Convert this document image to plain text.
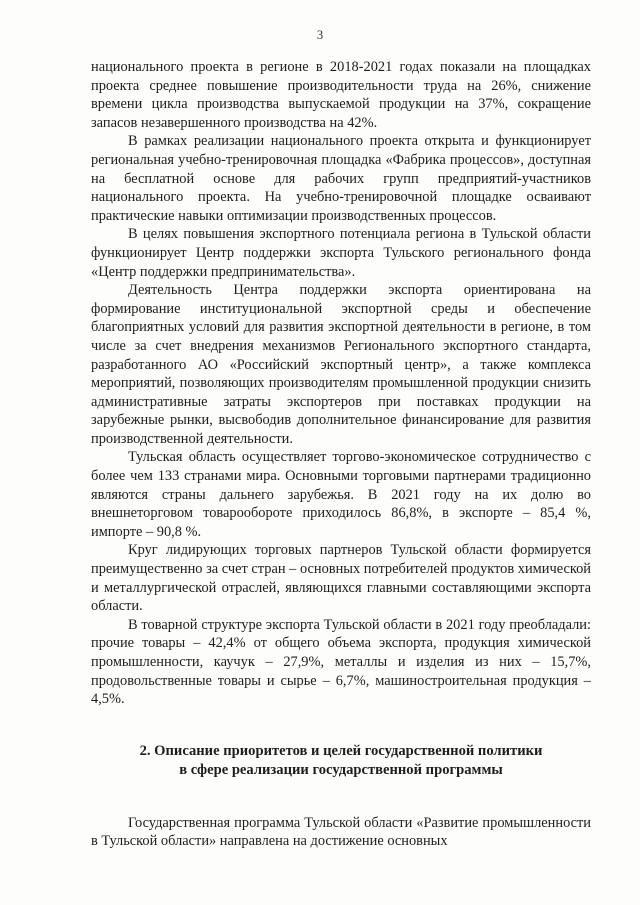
3

национального проекта в регионе в 2018-2021 годах показали на площадках проекта среднее повышение производительности труда на 26%, снижение времени цикла производства выпускаемой продукции на 37%, сокращение запасов незавершенного производства на 42%.

В рамках реализации национального проекта открыта и функционирует региональная учебно-тренировочная площадка «Фабрика процессов», доступная на бесплатной основе для рабочих групп предприятий-участников национального проекта. На учебно-тренировочной площадке осваивают практические навыки оптимизации производственных процессов.

В целях повышения экспортного потенциала региона в Тульской области функционирует Центр поддержки экспорта Тульского регионального фонда «Центр поддержки предпринимательства».

Деятельность Центра поддержки экспорта ориентирована на формирование институциональной экспортной среды и обеспечение благоприятных условий для развития экспортной деятельности в регионе, в том числе за счет внедрения механизмов Регионального экспортного стандарта, разработанного АО «Российский экспортный центр», а также комплекса мероприятий, позволяющих производителям промышленной продукции снизить административные затраты экспортеров при поставках продукции на зарубежные рынки, высвободив дополнительное финансирование для развития производственной деятельности.

Тульская область осуществляет торгово-экономическое сотрудничество с более чем 133 странами мира. Основными торговыми партнерами традиционно являются страны дальнего зарубежья. В 2021 году на их долю во внешнеторговом товарообороте приходилось 86,8%, в экспорте – 85,4 %, импорте – 90,8 %.

Круг лидирующих торговых партнеров Тульской области формируется преимущественно за счет стран – основных потребителей продуктов химической и металлургической отраслей, являющихся главными составляющими экспорта области.

В товарной структуре экспорта Тульской области в 2021 году преобладали: прочие товары – 42,4% от общего объема экспорта, продукция химической промышленности, каучук – 27,9%, металлы и изделия из них – 15,7%, продовольственные товары и сырье – 6,7%, машиностроительная продукция – 4,5%.

2. Описание приоритетов и целей государственной политики
в сфере реализации государственной программы

Государственная программа Тульской области «Развитие промышленности в Тульской области» направлена на достижение основных
